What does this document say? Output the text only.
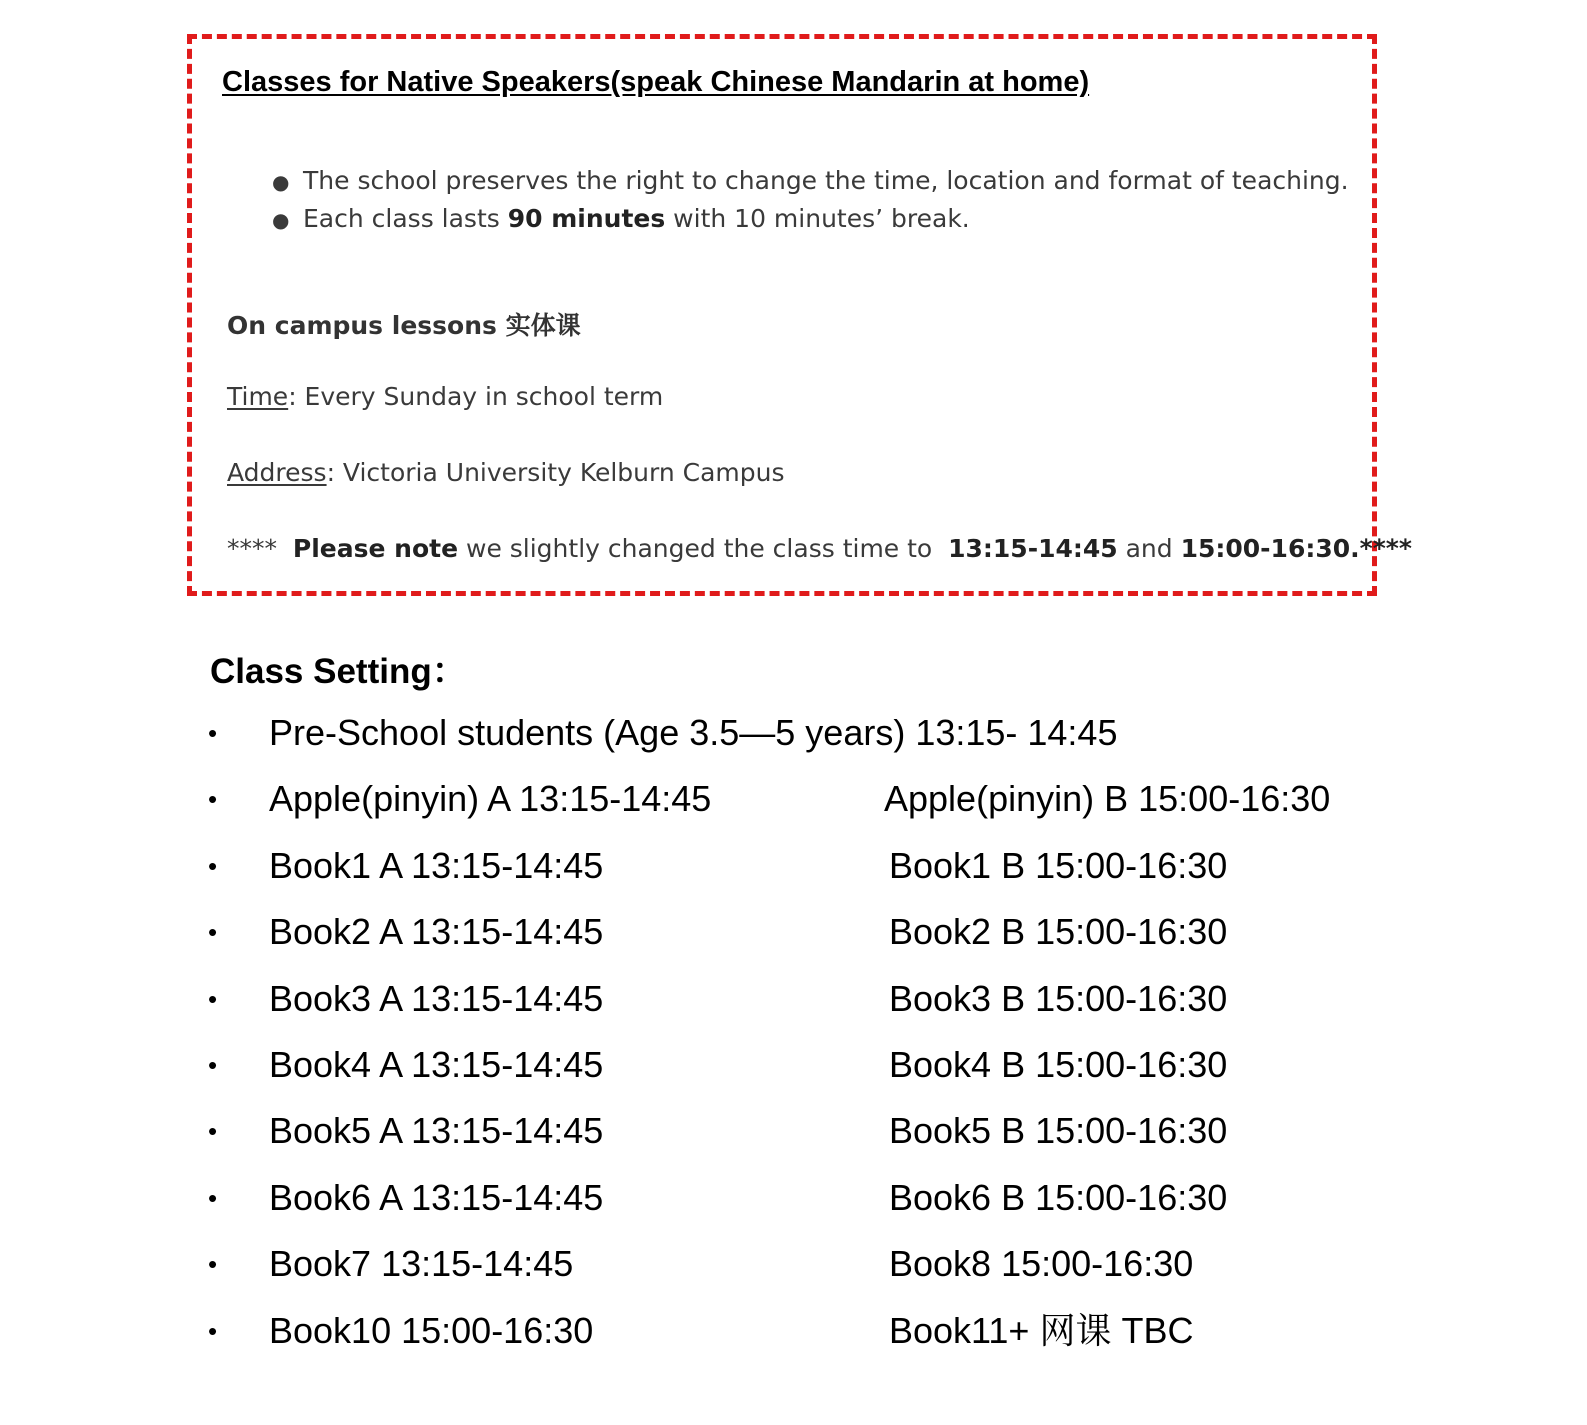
Classes for Native Speakers(speak Chinese Mandarin at home)
● The school preserves the right to change the time, location and format of teaching.
● Each class lasts 90 minutes with 10 minutes’ break.
On campus lessons 实体课
Time: Every Sunday in school term
Address: Victoria University Kelburn Campus
**** Please note we slightly changed the class time to  13:15-14:45 and 15:00-16:30.****
Class Setting：
• Pre-School students (Age 3.5—5 years) 13:15- 14:45
• Apple(pinyin) A 13:15-14:45	Apple(pinyin) B 15:00-16:30
• Book1 A 13:15-14:45	Book1 B 15:00-16:30
• Book2 A 13:15-14:45	Book2 B 15:00-16:30
• Book3 A 13:15-14:45	Book3 B 15:00-16:30
• Book4 A 13:15-14:45	Book4 B 15:00-16:30
• Book5 A 13:15-14:45	Book5 B 15:00-16:30
• Book6 A 13:15-14:45	Book6 B 15:00-16:30
• Book7 13:15-14:45	Book8 15:00-16:30
• Book10 15:00-16:30	Book11+ 网课 TBC
